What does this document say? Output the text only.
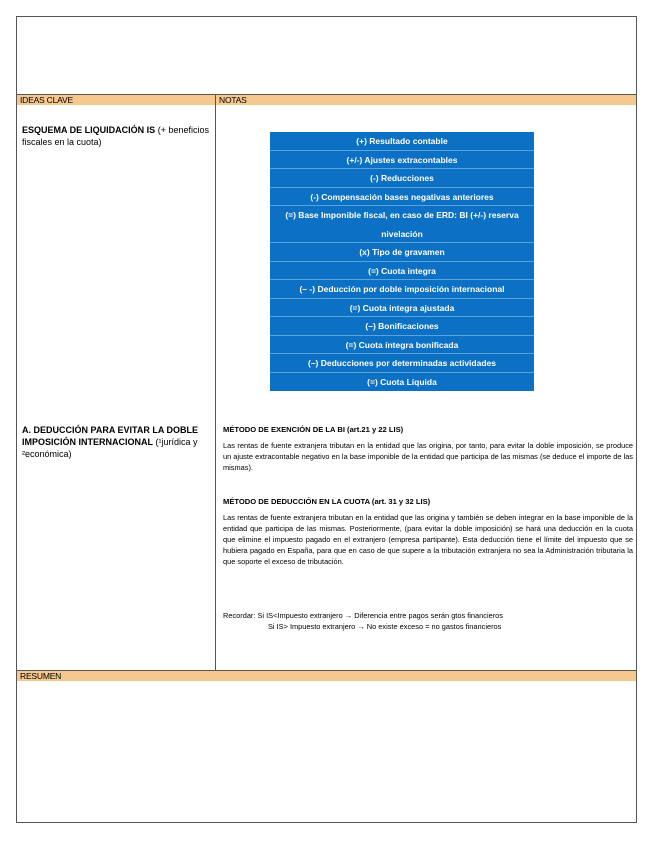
IDEAS CLAVE	NOTAS
RESUMEN
ESQUEMA DE LIQUIDACIÓN IS (+ beneficios fiscales en la cuota)
A. DEDUCCIÓN PARA EVITAR LA DOBLE IMPOSICIÓN INTERNACIONAL (¹jurídica y ²económica)
(+) Resultado contable
(+/-) Ajustes extracontables
(-) Reducciones
(-) Compensación bases negativas anteriores
(=) Base Imponible fiscal, en caso de ERD: BI (+/-) reserva nivelación
(x) Tipo de gravamen
(=) Cuota integra
(– -) Deducción por doble imposición internacional
(=) Cuota integra ajustada
(–) Bonificaciones
(=) Cuota íntegra bonificada
(–) Deducciones por determinadas actividades
(=) Cuota Líquida

MÉTODO DE EXENCIÓN DE LA BI (art.21 y 22 LIS)

Las rentas de fuente extranjera tributan en la entidad que las origina, por tanto, para evitar la doble imposición, se produce un ajuste extracontable negativo en la base imponible de la entidad que participa de las mismas (se deduce el importe de las mismas).

MÉTODO DE DEDUCCIÓN EN LA CUOTA (art. 31 y 32 LIS)

Las rentas de fuente extranjera tributan en la entidad que las origina y también se deben integrar en la base imponible de la entidad que participa de las mismas. Posteriormente, (para evitar la doble imposición) se hará una deducción en la cuota que elimine el impuesto pagado en el extranjero (empresa partipante). Esta deducción tiene el límite del impuesto que se hubiera pagado en España, para que en caso de que supere a la tributación extranjera no sea la Administración tributaria la que soporte el exceso de tributación.

Recordar: Si IS<Impuesto extranjero → Diferencia entre pagos serán gtos financieros
Si IS> Impuesto extranjero → No existe exceso = no gastos financieros
